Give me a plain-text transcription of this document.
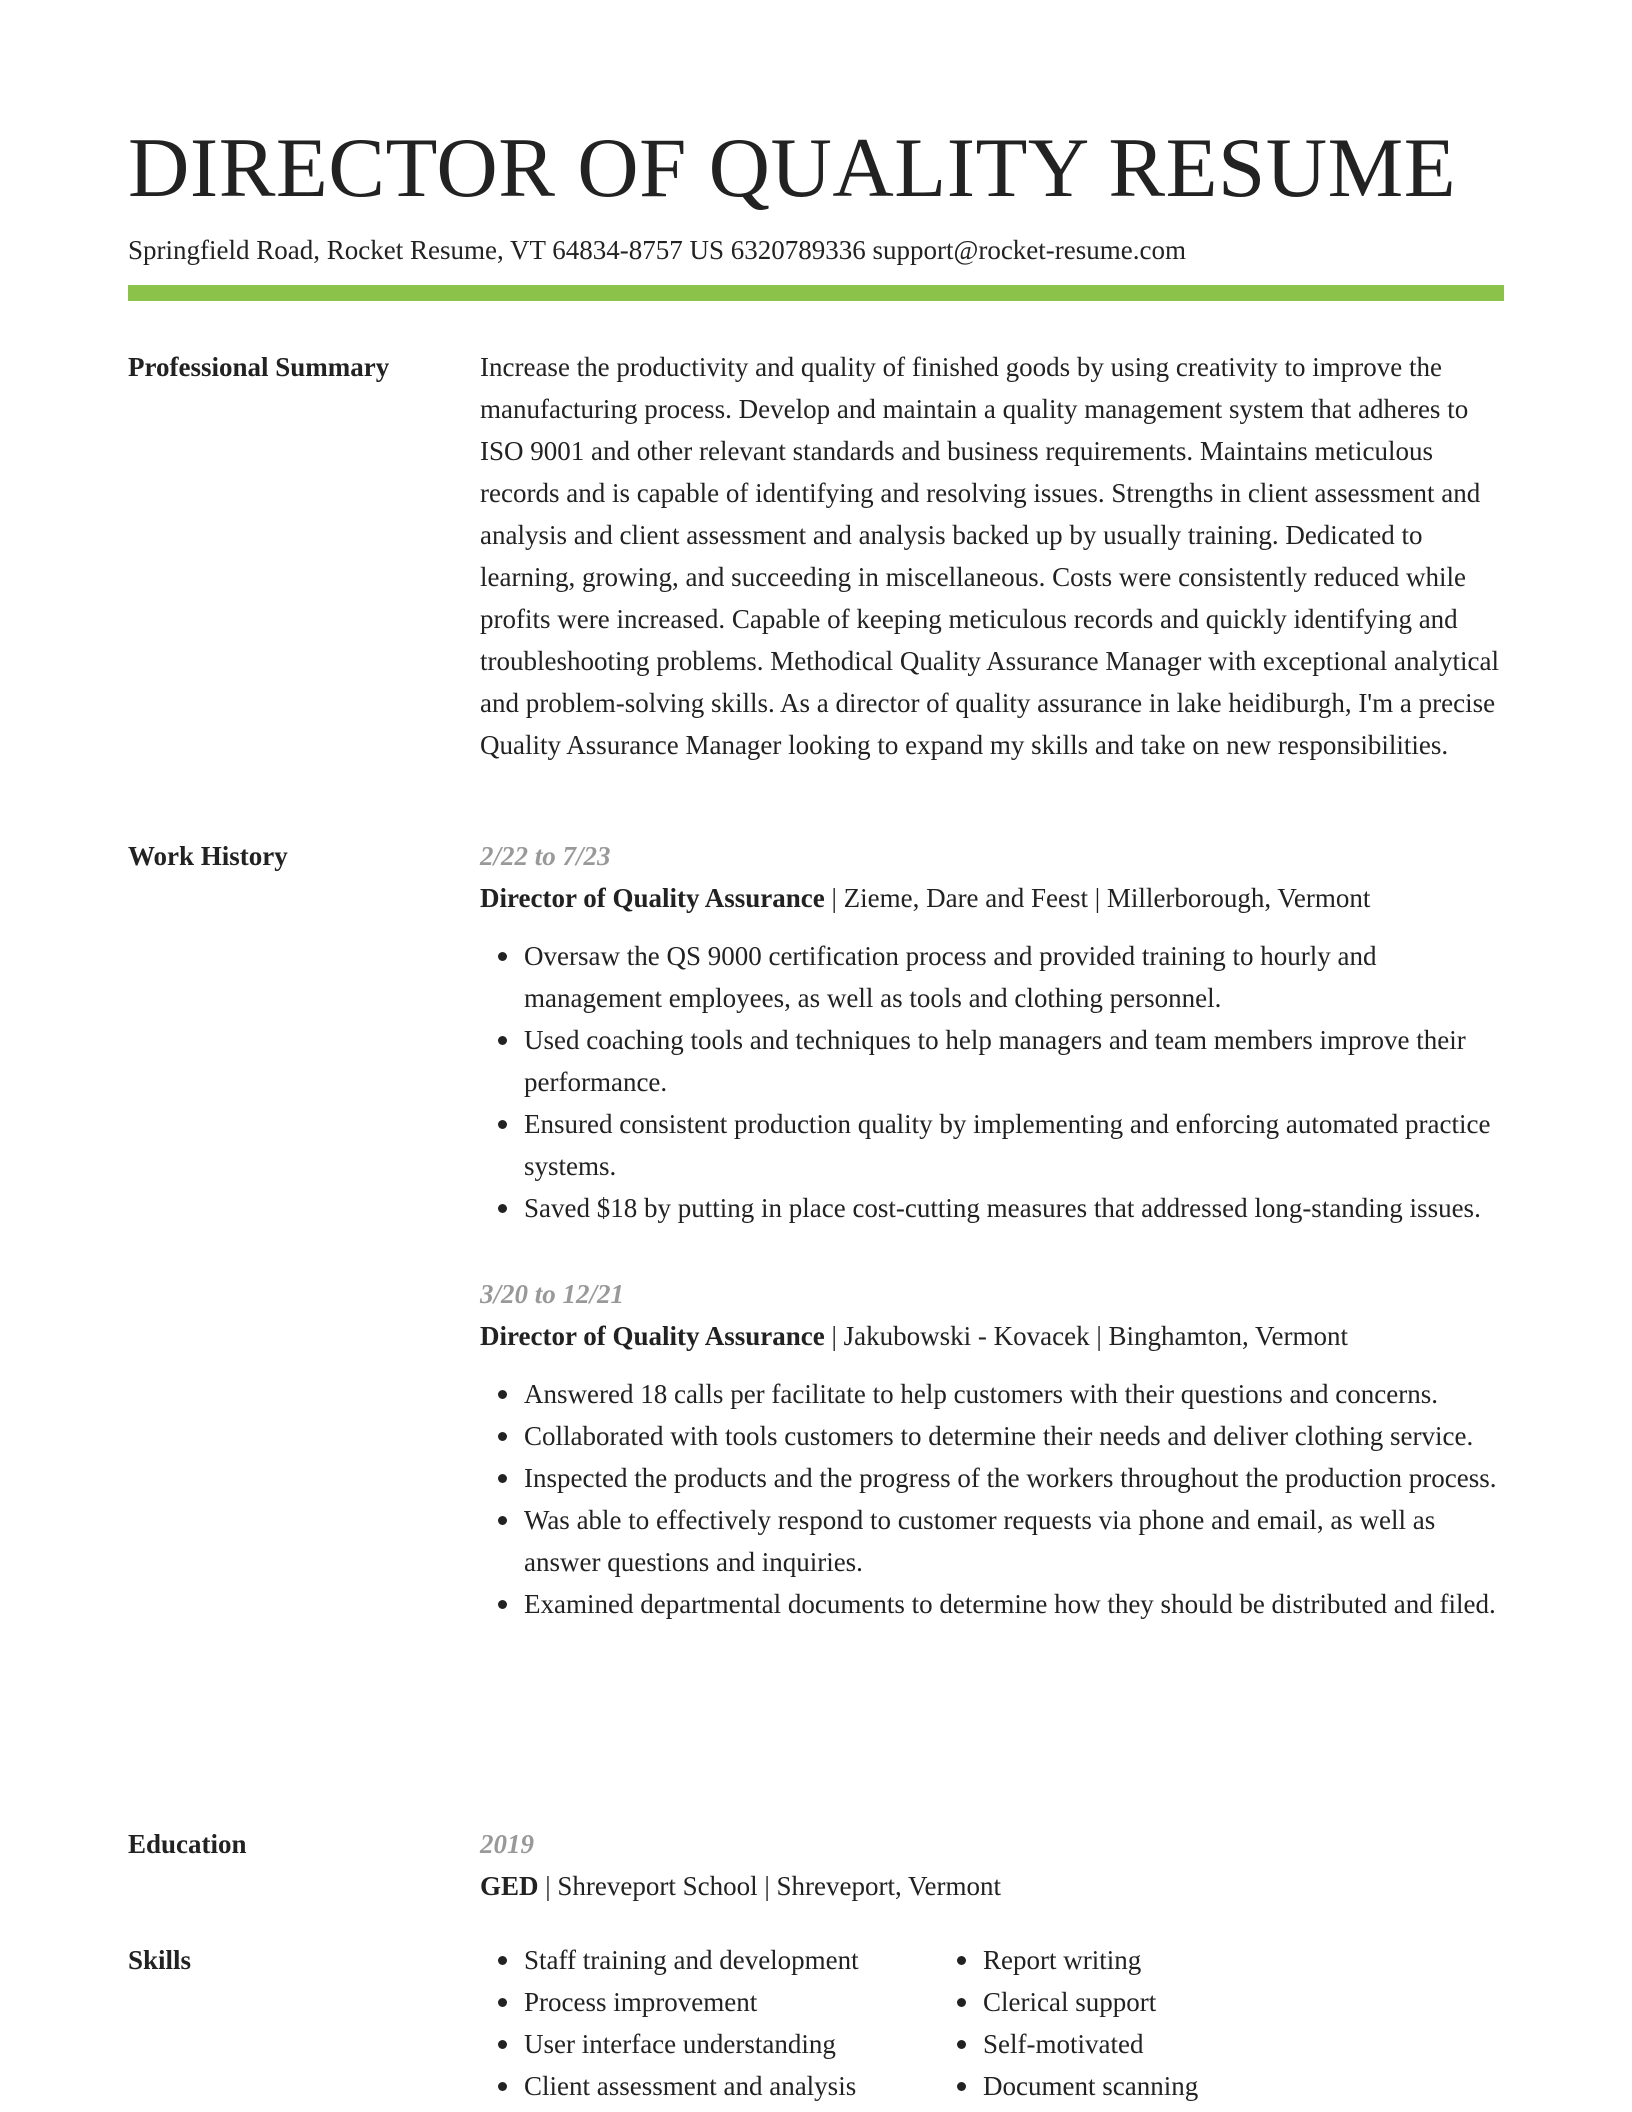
DIRECTOR OF QUALITY RESUME
Springfield Road, Rocket Resume, VT 64834-8757 US 6320789336 support@rocket-resume.com
Professional Summary	Increase the productivity and quality of finished goods by using creativity to improve the manufacturing process. Develop and maintain a quality management system that adheres to ISO 9001 and other relevant standards and business requirements. Maintains meticulous records and is capable of identifying and resolving issues. Strengths in client assessment and analysis and client assessment and analysis backed up by usually training. Dedicated to learning, growing, and succeeding in miscellaneous. Costs were consistently reduced while profits were increased. Capable of keeping meticulous records and quickly identifying and troubleshooting problems. Methodical Quality Assurance Manager with exceptional analytical and problem-solving skills. As a director of quality assurance in lake heidiburgh, I'm a precise Quality Assurance Manager looking to expand my skills and take on new responsibilities.

Work History	2/22 to 7/23
Director of Quality Assurance | Zieme, Dare and Feest | Millerborough, Vermont
Oversaw the QS 9000 certification process and provided training to hourly and management employees, as well as tools and clothing personnel.
Used coaching tools and techniques to help managers and team members improve their performance.
Ensured consistent production quality by implementing and enforcing automated practice systems.
Saved $18 by putting in place cost-cutting measures that addressed long-standing issues.
3/20 to 12/21
Director of Quality Assurance | Jakubowski - Kovacek | Binghamton, Vermont
Answered 18 calls per facilitate to help customers with their questions and concerns.
Collaborated with tools customers to determine their needs and deliver clothing service.
Inspected the products and the progress of the workers throughout the production process.
Was able to effectively respond to customer requests via phone and email, as well as answer questions and inquiries.
Examined departmental documents to determine how they should be distributed and filed.
Education	2019
GED | Shreveport School | Shreveport, Vermont
Skills	Staff training and development
Process improvement
User interface understanding
Client assessment and analysis
Report writing
Clerical support
Self-motivated
Document scanning
